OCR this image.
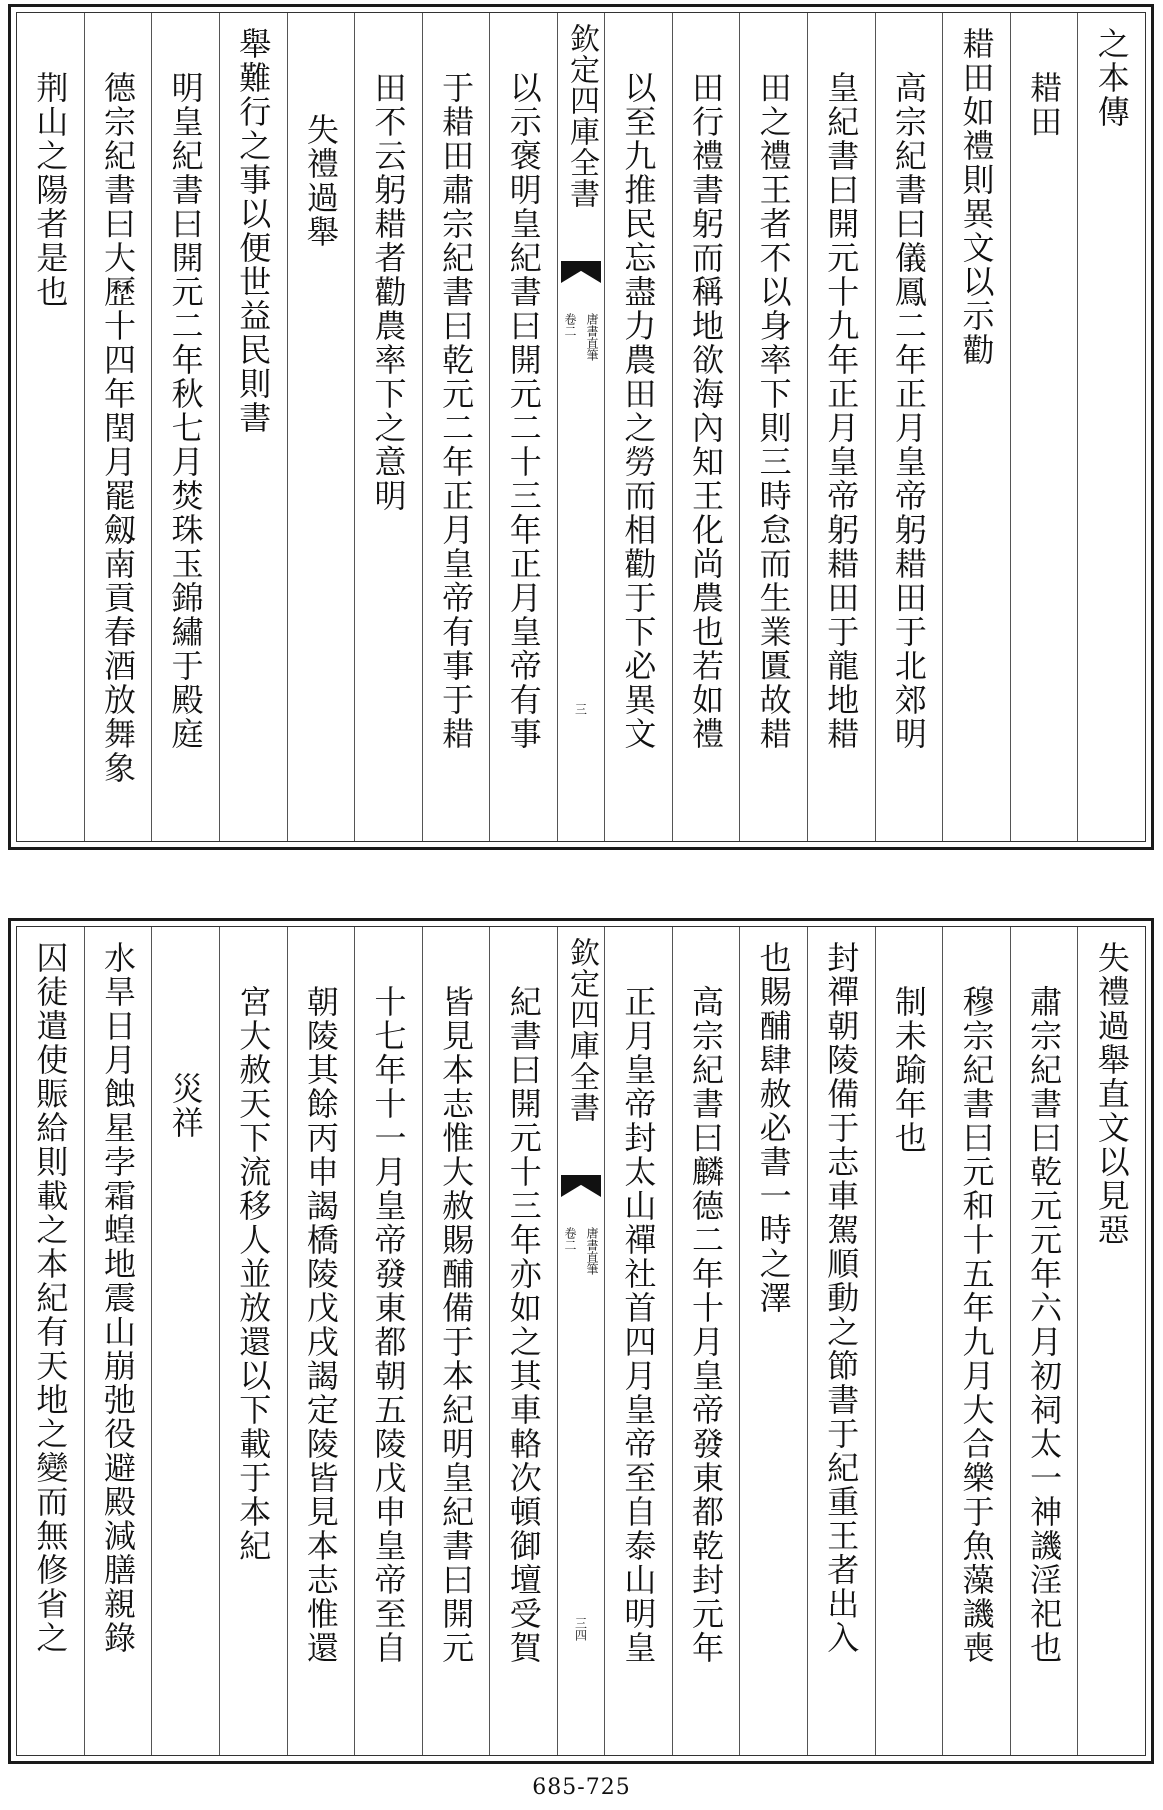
之本傳
耤田
耤田如禮則異文以示勸
高宗紀書曰儀鳳二年正月皇帝躬耤田于北郊明
皇紀書曰開元十九年正月皇帝躬耤田于龍地耤
田之禮王者不以身率下則三時怠而生業匱故耤
田行禮書躬而稱地欲海內知王化尚農也若如禮
以至九推民忘盡力農田之勞而相勸于下必異文
欽定四庫全書
唐書直筆
卷二
三
以示褒明皇紀書曰開元二十三年正月皇帝有事
于耤田肅宗紀書曰乾元二年正月皇帝有事于耤
田不云躬耤者勸農率下之意明
失禮過舉
舉難行之事以便世益民則書
明皇紀書曰開元二年秋七月焚珠玉錦繡于殿庭
德宗紀書曰大歷十四年閏月罷劔南貢春酒放舞象
荆山之陽者是也
失禮過舉直文以見惡
肅宗紀書曰乾元元年六月初祠太一神譏淫祀也
穆宗紀書曰元和十五年九月大合樂于魚藻譏喪
制未踰年也
封禪朝陵備于志車駕順動之節書于紀重王者出入
也賜酺肆赦必書一時之澤
高宗紀書曰麟德二年十月皇帝發東都乾封元年
正月皇帝封太山禪社首四月皇帝至自泰山明皇
欽定四庫全書
唐書直筆
卷二
三四
紀書曰開元十三年亦如之其車輅次頓御壇受賀
皆見本志惟大赦賜酺備于本紀明皇紀書曰開元
十七年十一月皇帝發東都朝五陵戊申皇帝至自
朝陵其餘丙申謁橋陵戊戌謁定陵皆見本志惟還
宮大赦天下流移人並放還以下載于本紀
災祥
水旱日月蝕星孛霜蝗地震山崩弛役避殿減膳親錄
囚徒遣使賑給則載之本紀有天地之變而無修省之
685-725
